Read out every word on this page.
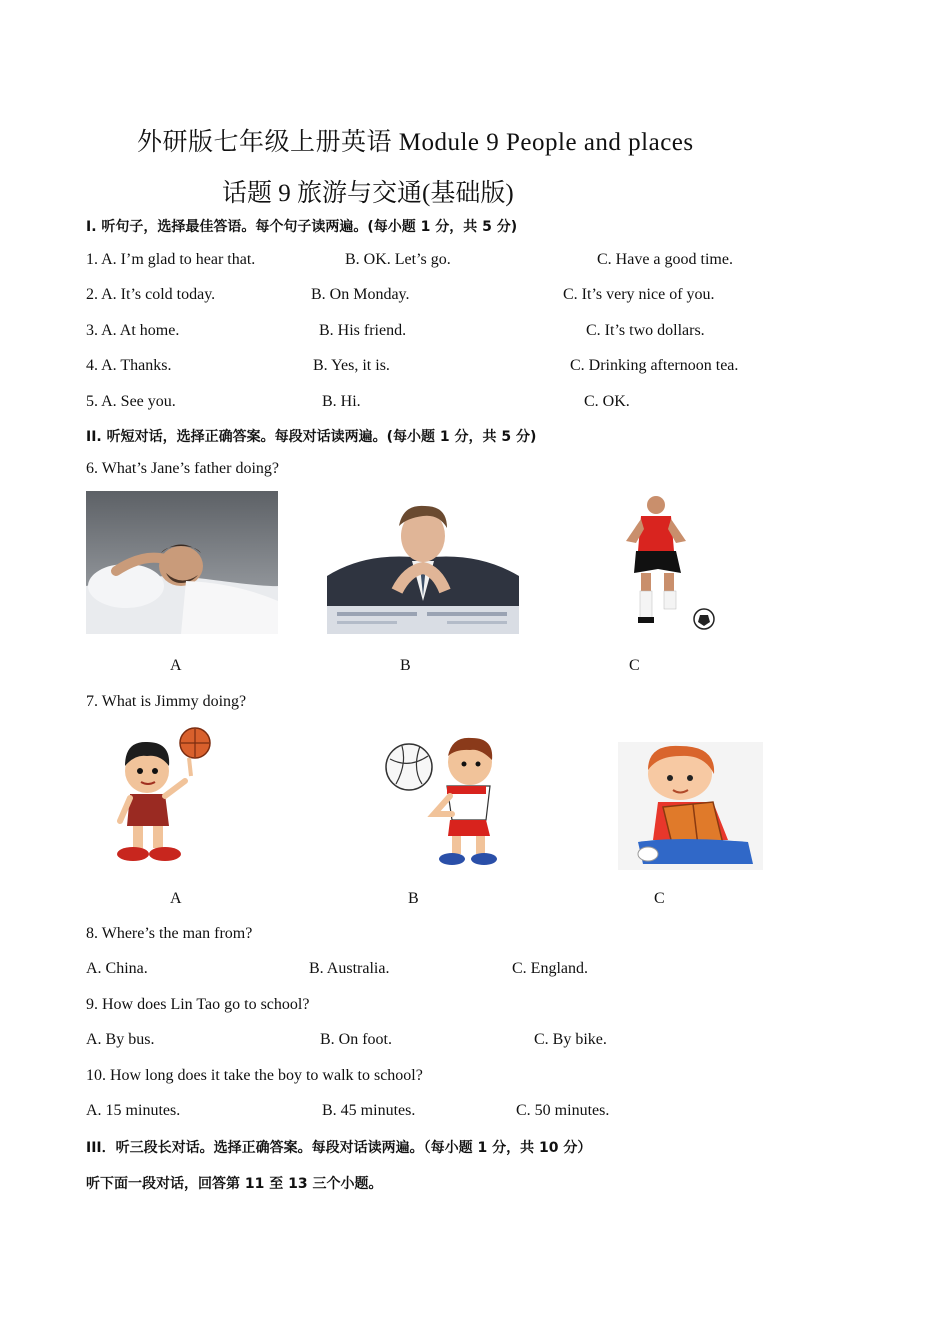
外研版七年级上册英语 Module 9 People and places
话题 9 旅游与交通(基础版)
I. 听句子，选择最佳答语。每个句子读两遍。(每小题 1 分，共 5 分)
1. A. I’m glad to hear that.	B. OK. Let’s go.	C. Have a good time.
2. A. It’s cold today.	B. On Monday.	C. It’s very nice of you.
3. A. At home.	B. His friend.	C. It’s two dollars.
4. A. Thanks.	B. Yes, it is.	C. Drinking afternoon tea.
5. A. See you.	B. Hi.	C. OK.
II. 听短对话，选择正确答案。每段对话读两遍。(每小题 1 分，共 5 分)
6. What’s Jane’s father doing?
A	B	C
7. What is Jimmy doing?
A	B	C
8. Where’s the man from?
A. China.	B. Australia.	C. England.
9. How does Lin Tao go to school?
A. By bus.	B. On foot.	C. By bike.
10. How long does it take the boy to walk to school?
A. 15 minutes.	B. 45 minutes.	C. 50 minutes.
III．听三段长对话。选择正确答案。每段对话读两遍。（每小题 1 分，共 10 分）
听下面一段对话，回答第 11 至 13 三个小题。
